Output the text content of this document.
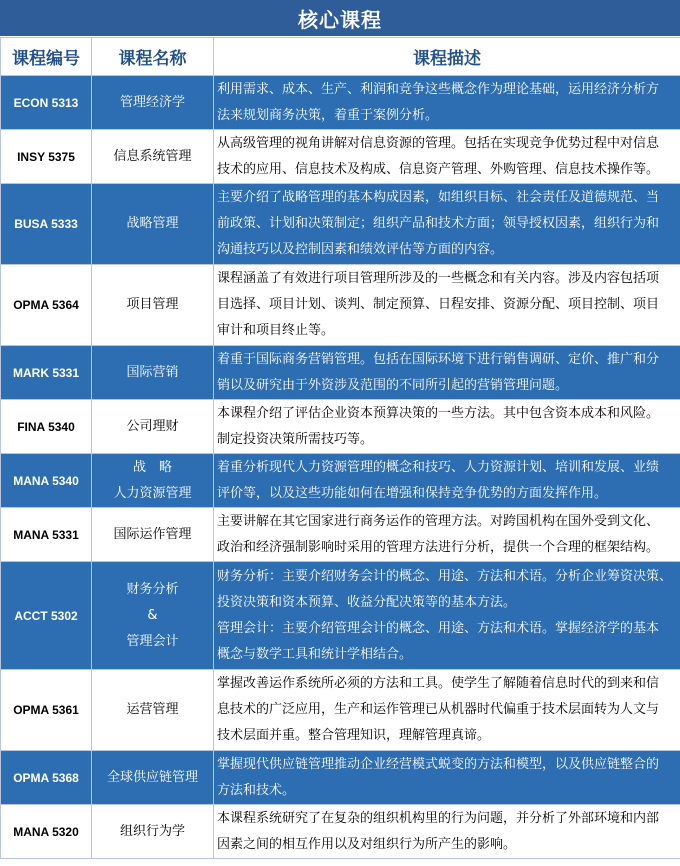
核心课程
课程编号	课程名称	课程描述
ECON 5313	管理经济学	利用需求、成本、生产、利润和竞争这些概念作为理论基础，运用经济分析方
法来规划商务决策，着重于案例分析。

INSY 5375	信息系统管理	从高级管理的视角讲解对信息资源的管理。包括在实现竞争优势过程中对信息
技术的应用、信息技术及构成、信息资产管理、外购管理、信息技术操作等。

BUSA 5333	战略管理	主要介绍了战略管理的基本构成因素，如组织目标、社会责任及道德规范、当
前政策、计划和决策制定；组织产品和技术方面；领导授权因素，组织行为和
沟通技巧以及控制因素和绩效评估等方面的内容。

OPMA 5364	项目管理	课程涵盖了有效进行项目管理所涉及的一些概念和有关内容。涉及内容包括项
目选择、项目计划、谈判、制定预算、日程安排、资源分配、项目控制、项目
审计和项目终止等。

MARK 5331	国际营销	着重于国际商务营销管理。包括在国际环境下进行销售调研、定价、推广和分
销以及研究由于外资涉及范围的不同所引起的营销管理问题。

FINA 5340	公司理财	本课程介绍了评估企业资本预算决策的一些方法。其中包含资本成本和风险。
制定投资决策所需技巧等。

MANA 5340	战　略
人力资源管理	着重分析现代人力资源管理的概念和技巧、人力资源计划、培训和发展、业绩
评价等，以及这些功能如何在增强和保持竞争优势的方面发挥作用。

MANA 5331	国际运作管理	主要讲解在其它国家进行商务运作的管理方法。对跨国机构在国外受到文化、
政治和经济强制影响时采用的管理方法进行分析，提供一个合理的框架结构。

ACCT 5302	财务分析
&
管理会计	财务分析：主要介绍财务会计的概念、用途、方法和术语。分析企业筹资决策、
投资决策和资本预算、收益分配决策等的基本方法。
管理会计：主要介绍管理会计的概念、用途、方法和术语。掌握经济学的基本
概念与数学工具和统计学相结合。

OPMA 5361	运营管理	掌握改善运作系统所必须的方法和工具。使学生了解随着信息时代的到来和信
息技术的广泛应用，生产和运作管理已从机器时代偏重于技术层面转为人文与
技术层面并重。整合管理知识，理解管理真谛。

OPMA 5368	全球供应链管理	掌握现代供应链管理推动企业经营模式蜕变的方法和模型，以及供应链整合的
方法和技术。

MANA 5320	组织行为学	本课程系统研究了在复杂的组织机构里的行为问题，并分析了外部环境和内部
因素之间的相互作用以及对组织行为所产生的影响。
